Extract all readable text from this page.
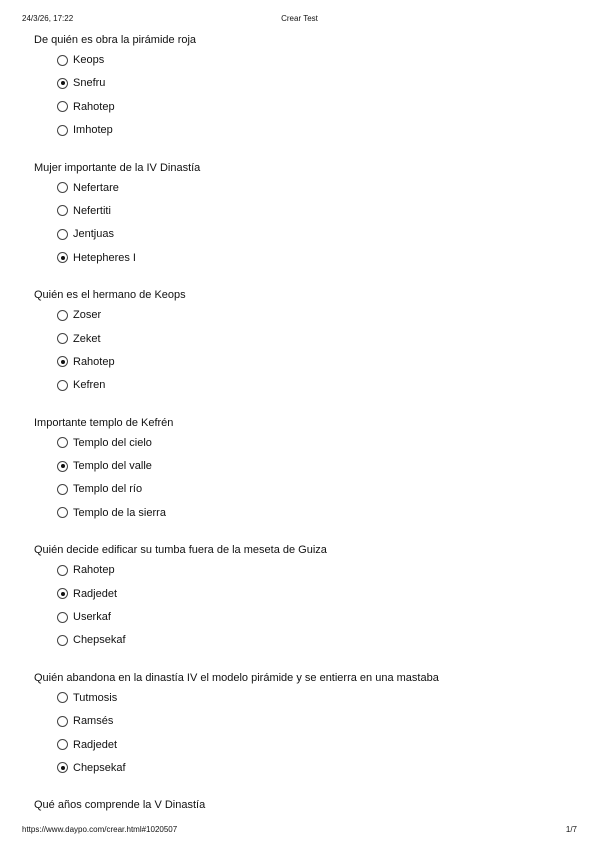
24/3/26, 17:22	Crear Test
De quién es obra la pirámide roja
Keops
Snefru
Rahotep
Imhotep
Mujer importante de la IV Dinastía
Nefertare
Nefertiti
Jentjuas
Hetepheres I
Quién es el hermano de Keops
Zoser
Zeket
Rahotep
Kefren
Importante templo de Kefrén
Templo del cielo
Templo del valle
Templo del río
Templo de la sierra
Quién decide edificar su tumba fuera de la meseta de Guiza
Rahotep
Radjedet
Userkaf
Chepsekaf
Quién abandona en la dinastía IV el modelo pirámide y se entierra en una mastaba
Tutmosis
Ramsés
Radjedet
Chepsekaf
Qué años comprende la V Dinastía
https://www.daypo.com/crear.html#1020507	1/7
